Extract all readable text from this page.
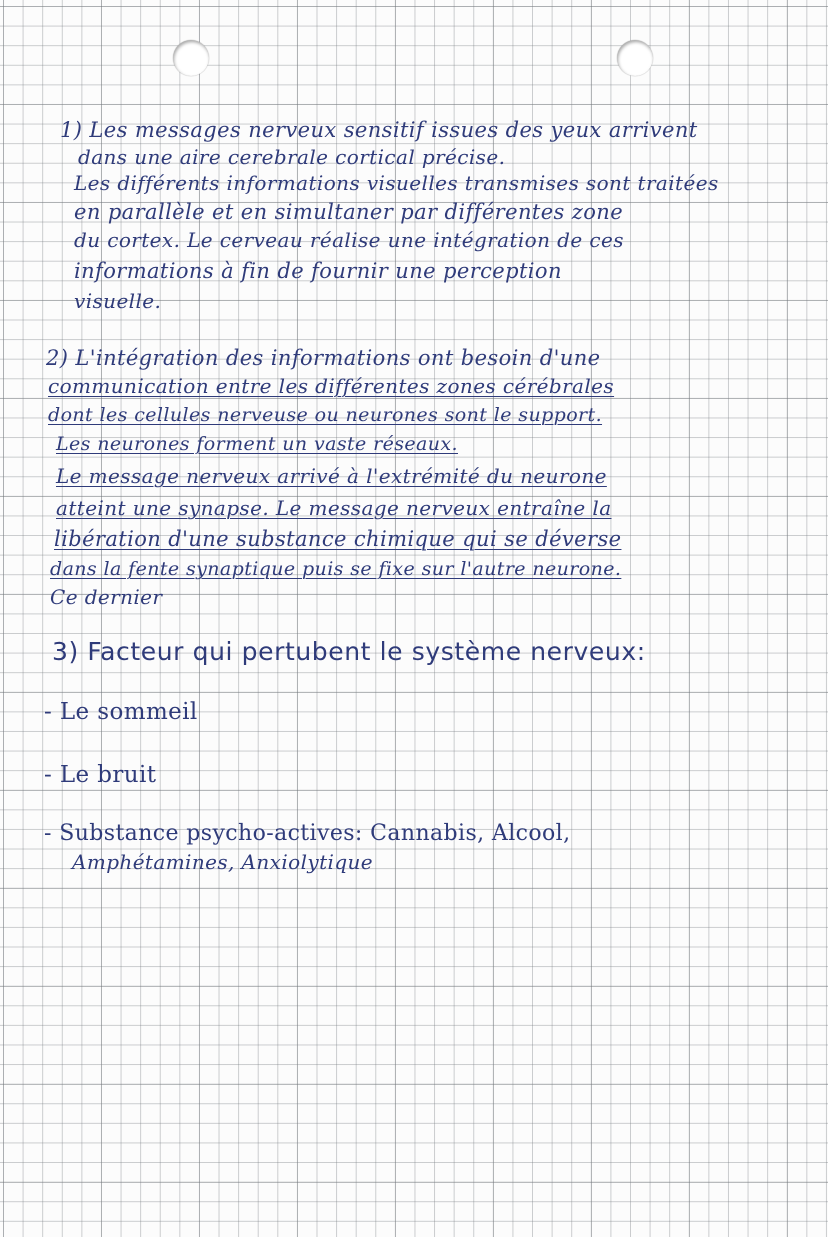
1) Les messages nerveux sensitif issues des yeux arrivent
dans une aire cerebrale cortical précise.
Les différents informations visuelles transmises sont traitées
en parallèle et en simultaner par différentes zone
du cortex. Le cerveau réalise une intégration de ces
informations à fin de fournir une perception
visuelle.
2) L'intégration des informations ont besoin d'une
communication entre les différentes zones cérébrales
dont les cellules nerveuse ou neurones sont le support.
Les neurones forment un vaste réseaux.
Le message nerveux arrivé à l'extrémité du neurone
atteint une synapse. Le message nerveux entraîne la
libération d'une substance chimique qui se déverse
dans la fente synaptique puis se fixe sur l'autre neurone.
Ce dernier
3) Facteur qui pertubent le système nerveux:
- Le sommeil
- Le bruit
- Substance psycho-actives: Cannabis, Alcool,
Amphétamines, Anxiolytique
